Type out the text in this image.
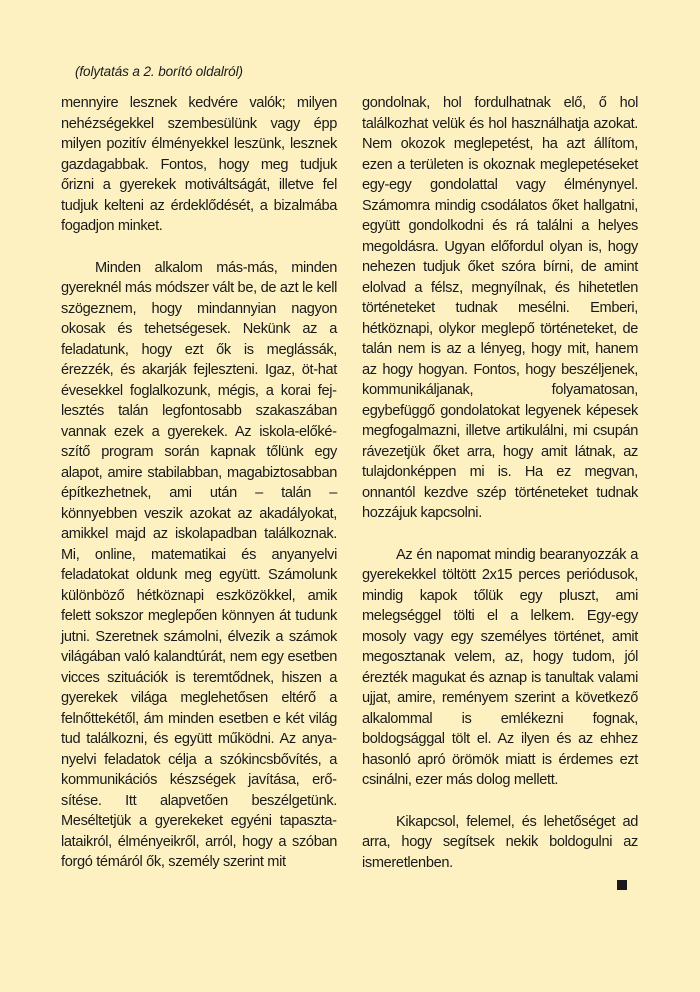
(folytatás a 2. borító oldalról)

mennyire lesznek kedvére valók; milyen nehézségekkel szembesülünk vagy épp milyen pozitív élményekkel leszünk, lesznek gazdagabbak. Fontos, hogy meg tudjuk őrizni a gyerekek motiváltságát, illetve fel tudjuk kelteni az érdeklődését, a bizalmába fogadjon minket.

Minden alkalom más-más, minden gyereknél más módszer vált be, de azt le kell szögeznem, hogy mindannyian nagyon okosak és tehetségesek. Nekünk az a feladatunk, hogy ezt ők is meglássák, érezzék, és akarják fejleszteni. Igaz, öt-hat évesekkel foglalkozunk, mégis, a korai fejlesztés talán legfontosabb szakaszában vannak ezek a gyerekek. Az iskola-előkészítő program során kapnak tőlünk egy alapot, amire stabilabban, magabiztosabban építkezhetnek, ami után – talán – könnyebben veszik azokat az akadályokat, amikkel majd az iskolapadban találkoznak. Mi, online, matematikai és anyanyelvi feladatokat oldunk meg együtt. Számolunk különböző hétköznapi eszközökkel, amik felett sokszor meglepően könnyen át tudunk jutni. Szeretnek számolni, élvezik a számok világában való kalandtúrát, nem egy esetben vicces szituációk is teremtődnek, hiszen a gyerekek világa meglehetősen eltérő a felnőttekétől, ám minden esetben e két világ tud találkozni, és együtt működni. Az anyanyelvi feladatok célja a szókincsbővítés, a kommunikációs készségek javítása, erősítése. Itt alapvetően beszélgetünk. Meséltetjük a gyerekeket egyéni tapasztalataikról, élményeikről, arról, hogy a szóban forgó témáról ők, személy szerint mit

gondolnak, hol fordulhatnak elő, ő hol találkozhat velük és hol használhatja azokat. Nem okozok meglepetést, ha azt állítom, ezen a területen is okoznak meglepetéseket egy-egy gondolattal vagy élménynyel. Számomra mindig csodálatos őket hallgatni, együtt gondolkodni és rá találni a helyes megoldásra. Ugyan előfordul olyan is, hogy nehezen tudjuk őket szóra bírni, de amint elolvad a félsz, megnyílnak, és hihetetlen történeteket tudnak mesélni. Emberi, hétköznapi, olykor meglepő történeteket, de talán nem is az a lényeg, hogy mit, hanem az hogy hogyan. Fontos, hogy beszéljenek, kommunikáljanak, folyamatosan, egybefüggő gondolatokat legyenek képesek megfogalmazni, illetve artikulálni, mi csupán rávezetjük őket arra, hogy amit látnak, az tulajdonképpen mi is. Ha ez megvan, onnantól kezdve szép történeteket tudnak hozzájuk kapcsolni.

Az én napomat mindig bearanyozzák a gyerekekkel töltött 2x15 perces periódusok, mindig kapok tőlük egy pluszt, ami melegséggel tölti el a lelkem. Egy-egy mosoly vagy egy személyes történet, amit megosztanak velem, az, hogy tudom, jól érezték magukat és aznap is tanultak valami ujjat, amire, reményem szerint a következő alkalommal is emlékezni fognak, boldogsággal tölt el. Az ilyen és az ehhez hasonló apró örömök miatt is érdemes ezt csinálni, ezer más dolog mellett.

Kikapcsol, felemel, és lehetőséget ad arra, hogy segítsek nekik boldogulni az ismeretlenben.
